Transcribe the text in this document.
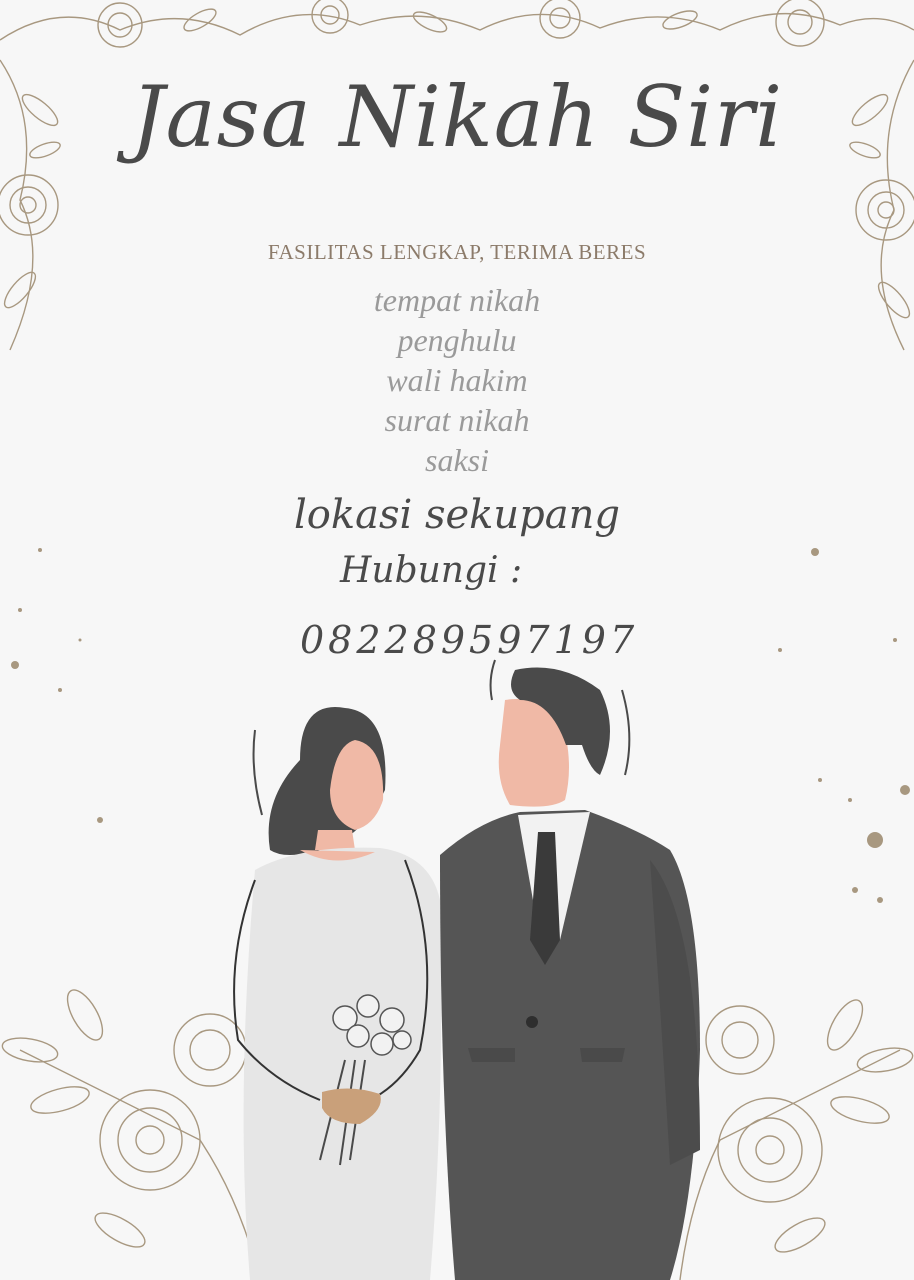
Jasa Nikah Siri
FASILITAS LENGKAP, TERIMA BERES
tempat nikah
penghulu
wali hakim
surat nikah
saksi
lokasi sekupang
Hubungi :
082289597197
